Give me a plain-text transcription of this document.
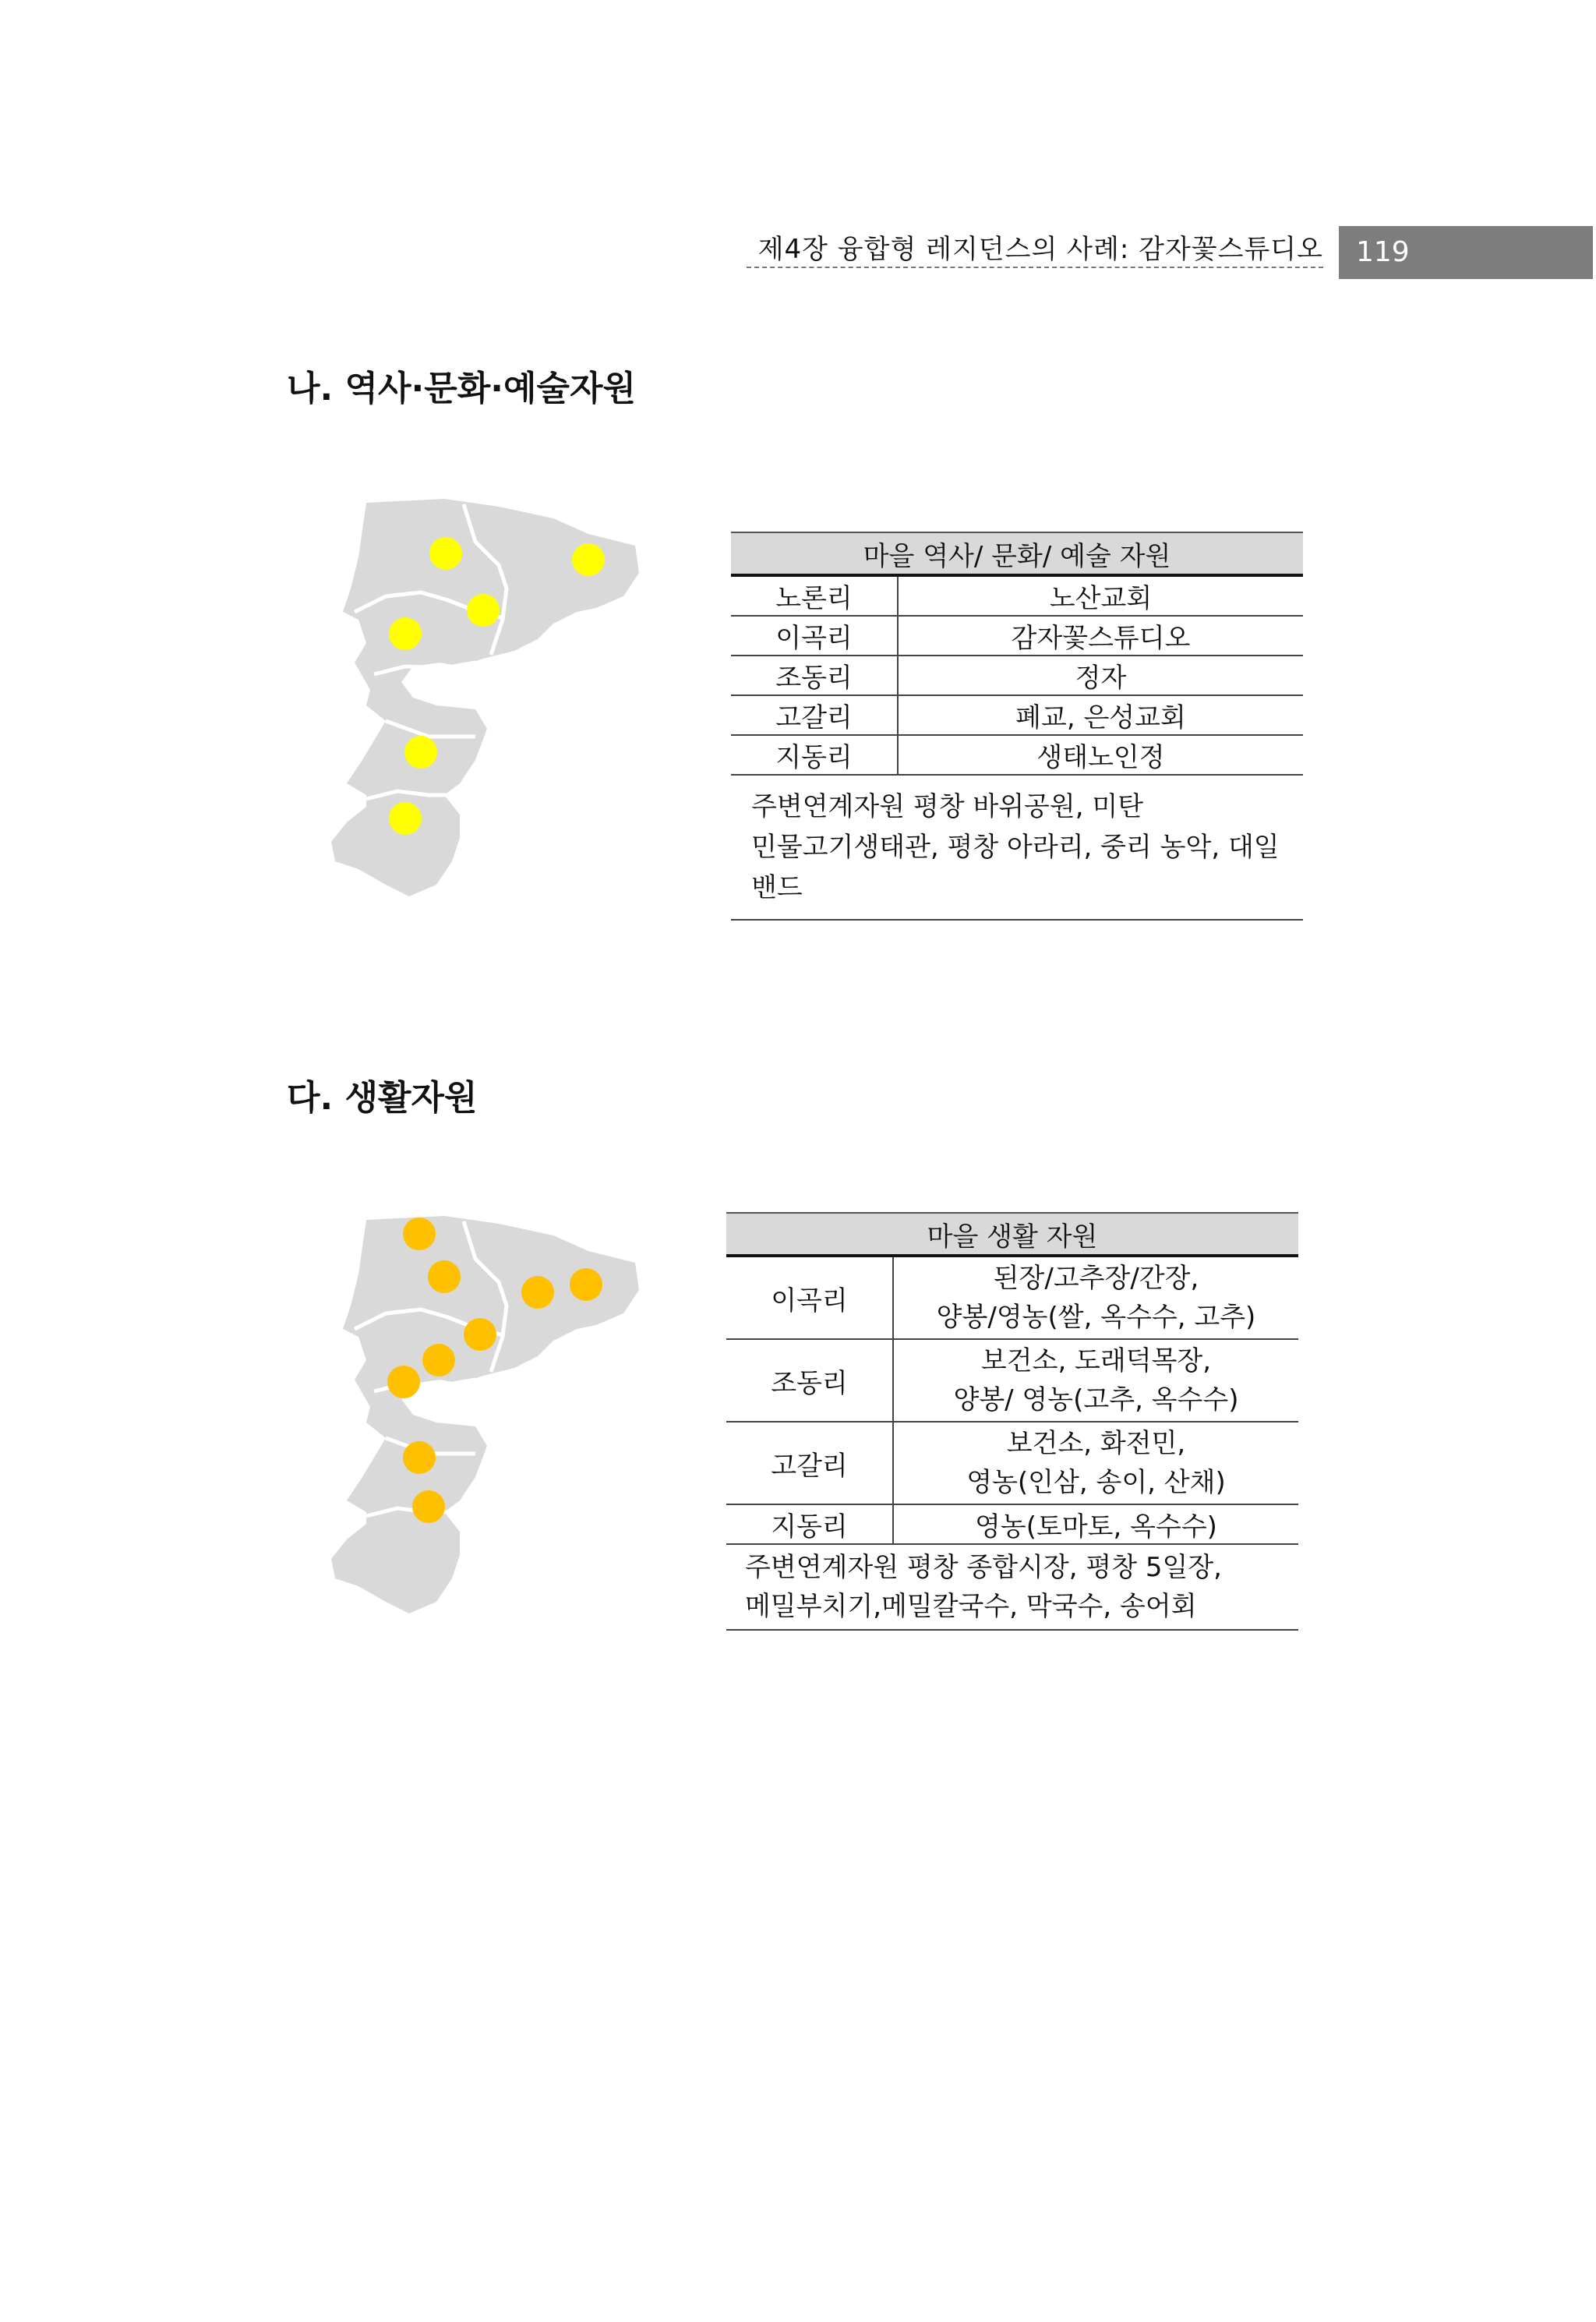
제4장 융합형 레지던스의 사례: 감자꽃스튜디오	119
나. 역사·문화·예술자원
마을 역사/ 문화/ 예술 자원	
노론리	노산교회
이곡리	감자꽃스튜디오
조동리	정자
고갈리	폐교, 은성교회
지동리	생태노인정

주변연계자원 평창 바위공원, 미탄
민물고기생태관, 평창 아라리, 중리 농악, 대일밴드	
다. 생활자원
마을 생활 자원	
이곡리	된장/고추장/간장,
양봉/영농(쌀, 옥수수, 고추)

조동리	보건소, 도래덕목장,
양봉/ 영농(고추, 옥수수)

고갈리	보건소, 화전민,
영농(인삼, 송이, 산채)

지동리	영농(토마토, 옥수수)

주변연계자원 평창 종합시장, 평창 5일장,
메밀부치기,메밀칼국수, 막국수, 송어회	
